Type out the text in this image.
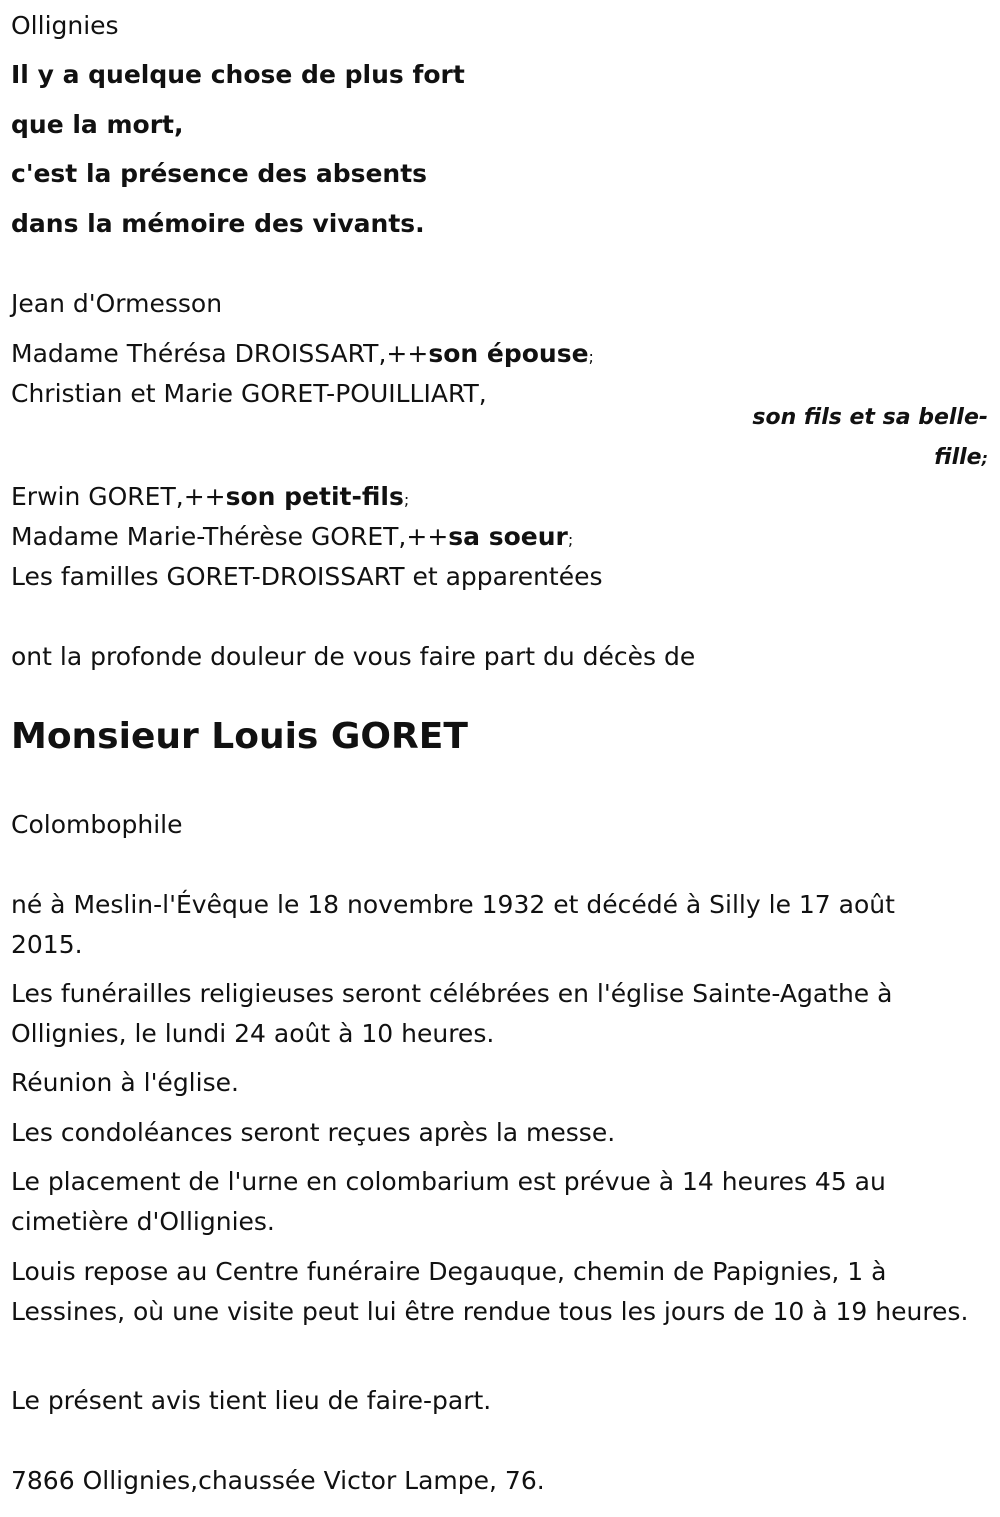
Ollignies

Il y a quelque chose de plus fort

que la mort,

c'est la présence des absents

dans la mémoire des vivants.

Jean d'Ormesson

Madame Thérésa DROISSART,++son épouse;

Christian et Marie GORET-POUILLIART,

son fils et sa belle-fille;

Erwin GORET,++son petit-fils;

Madame Marie-Thérèse GORET,++sa soeur;

Les familles GORET-DROISSART et apparentées

ont la profonde douleur de vous faire part du décès de

Monsieur Louis GORET

Colombophile

né à Meslin-l'Évêque le 18 novembre 1932 et décédé à Silly le 17 août 2015.

Les funérailles religieuses seront célébrées en l'église Sainte-Agathe à Ollignies, le lundi 24 août à 10 heures.

Réunion à l'église.

Les condoléances seront reçues après la messe.

Le placement de l'urne en colombarium est prévue à 14 heures 45 au cimetière d'Ollignies.

Louis repose au Centre funéraire Degauque, chemin de Papignies, 1 à Lessines, où une visite peut lui être rendue tous les jours de 10 à 19 heures.

Le présent avis tient lieu de faire-part.

7866 Ollignies,chaussée Victor Lampe, 76.
